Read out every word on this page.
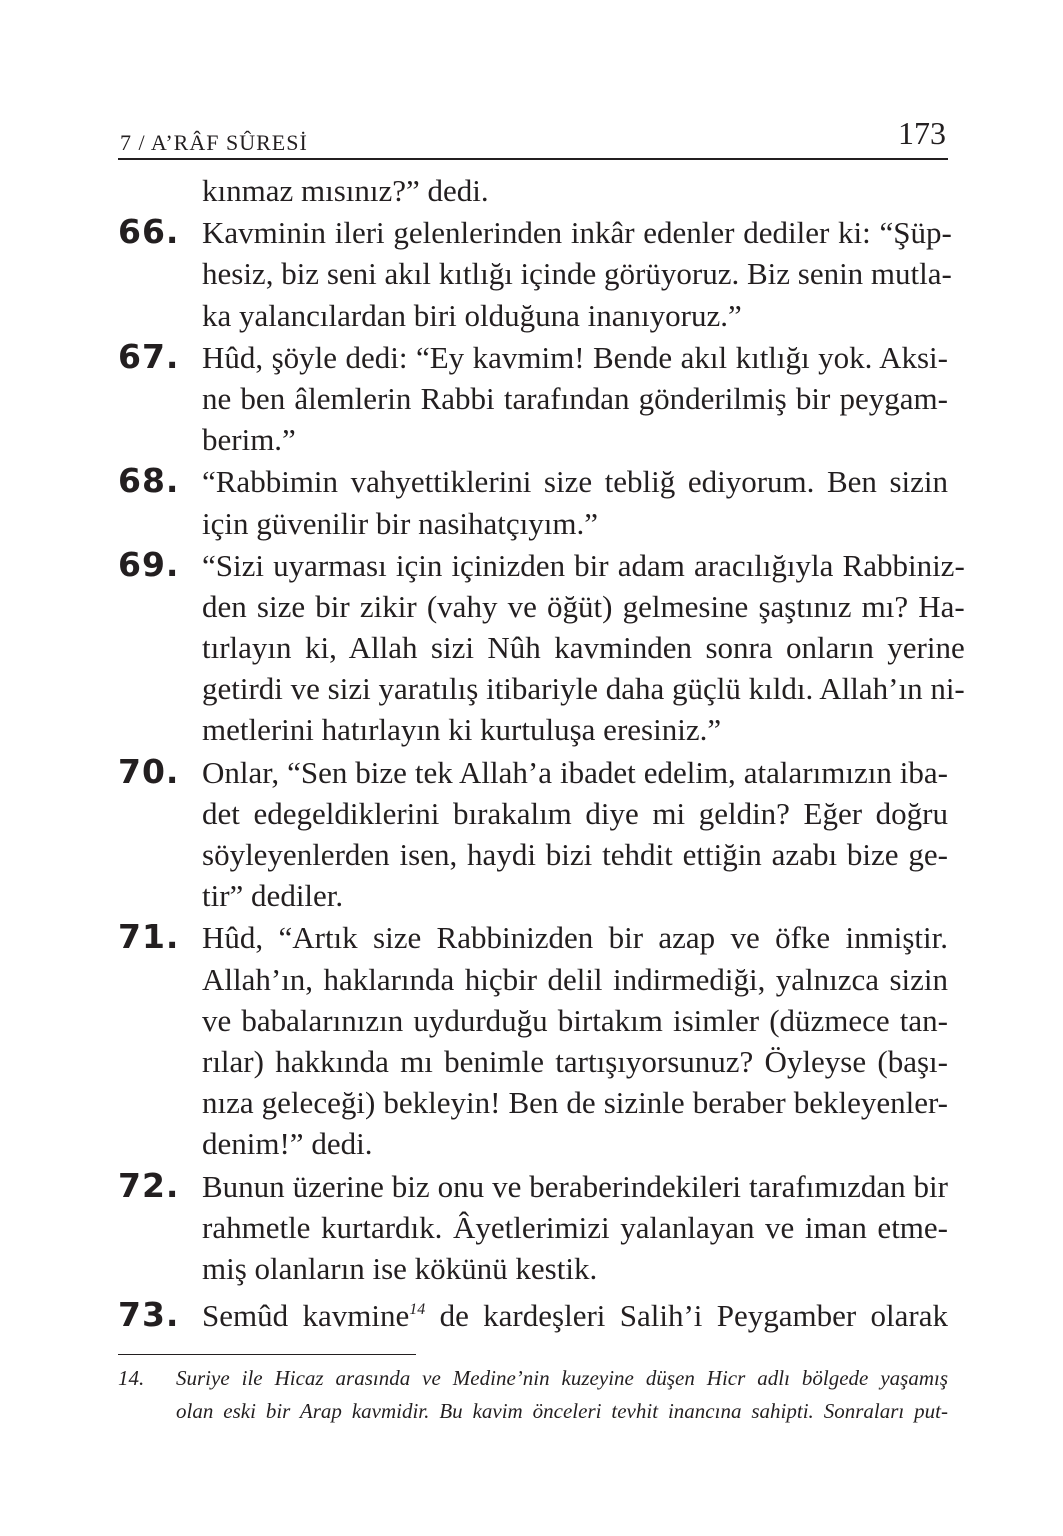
7 / A’RÂF SÛRESİ	173
kınmaz mısınız?” dedi.
66. Kavminin ileri gelenlerinden inkâr edenler dediler ki: “Şüp-
hesiz, biz seni akıl kıtlığı içinde görüyoruz. Biz senin mutla-
ka yalancılardan biri olduğuna inanıyoruz.”
67. Hûd, şöyle dedi: “Ey kavmim! Bende akıl kıtlığı yok. Aksi-
ne ben âlemlerin Rabbi tarafından gönderilmiş bir peygam-
berim.”
68. “Rabbimin vahyettiklerini size tebliğ ediyorum. Ben sizin
için güvenilir bir nasihatçıyım.”
69. “Sizi uyarması için içinizden bir adam aracılığıyla Rabbiniz-
den size bir zikir (vahy ve öğüt) gelmesine şaştınız mı? Ha-
tırlayın ki, Allah sizi Nûh kavminden sonra onların yerine
getirdi ve sizi yaratılış itibariyle daha güçlü kıldı. Allah’ın ni-
metlerini hatırlayın ki kurtuluşa eresiniz.”
70. Onlar, “Sen bize tek Allah’a ibadet edelim, atalarımızın iba-
det edegeldiklerini bırakalım diye mi geldin? Eğer doğru
söyleyenlerden isen, haydi bizi tehdit ettiğin azabı bize ge-
tir” dediler.
71. Hûd, “Artık size Rabbinizden bir azap ve öfke inmiştir.
Allah’ın, haklarında hiçbir delil indirmediği, yalnızca sizin
ve babalarınızın uydurduğu birtakım isimler (düzmece tan-
rılar) hakkında mı benimle tartışıyorsunuz? Öyleyse (başı-
nıza geleceği) bekleyin! Ben de sizinle beraber bekleyenler-
denim!” dedi.
72. Bunun üzerine biz onu ve beraberindekileri tarafımızdan bir
rahmetle kurtardık. Âyetlerimizi yalanlayan ve iman etme-
miş olanların ise kökünü kestik.
73. Semûd kavmine$^{14}$ de kardeşleri Salih’i Peygamber olarak
14.	Suriye ile Hicaz arasında ve Medine’nin kuzeyine düşen Hicr adlı bölgede yaşamış
olan eski bir Arap kavmidir. Bu kavim önceleri tevhit inancına sahipti. Sonraları put-
